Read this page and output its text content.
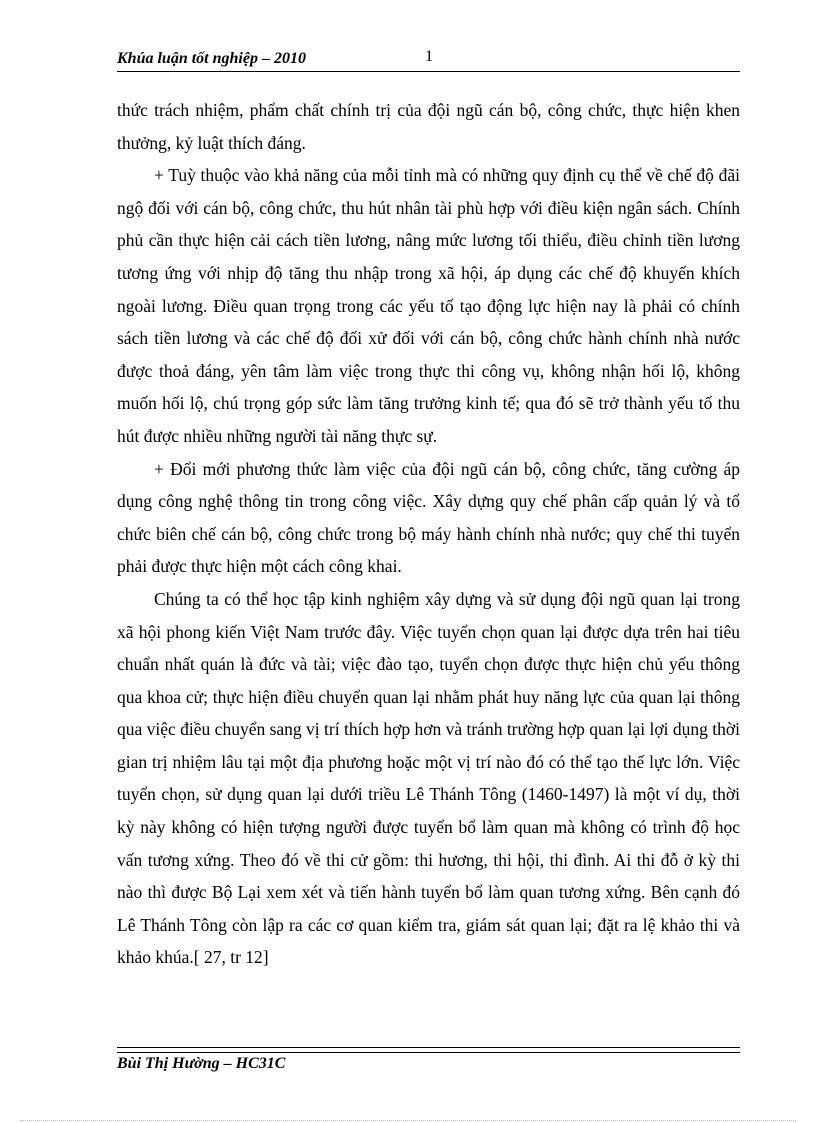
Khúa luận tốt nghiệp – 2010	1

thức trách nhiệm, phẩm chất chính trị của đội ngũ cán bộ, công chức, thực hiện khen thưởng, kỷ luật thích đáng.

+ Tuỳ thuộc vào khả năng của mỗi tỉnh mà có những quy định cụ thể về chế độ đãi ngộ đối với cán bộ, công chức, thu hút nhân tài phù hợp với điều kiện ngân sách. Chính phủ cần thực hiện cải cách tiền lương, nâng mức lương tối thiểu, điều chỉnh tiền lương tương ứng với nhịp độ tăng thu nhập trong xã hội, áp dụng các chế độ khuyến khích ngoài lương. Điều quan trọng trong các yếu tố tạo động lực hiện nay là phải có chính sách tiền lương và các chế độ đối xử đối với cán bộ, công chức hành chính nhà nước được thoả đáng, yên tâm làm việc trong thực thi công vụ, không nhận hối lộ, không muốn hối lộ, chú trọng góp sức làm tăng trưởng kinh tế; qua đó sẽ trở thành yếu tố thu hút được nhiều những người tài năng thực sự.

+ Đổi mới phương thức làm việc của đội ngũ cán bộ, công chức, tăng cường áp dụng công nghệ thông tin trong công việc. Xây dựng quy chế phân cấp quản lý và tổ chức biên chế cán bộ, công chức trong bộ máy hành chính nhà nước; quy chế thi tuyển phải được thực hiện một cách công khai.

Chúng ta có thể học tập kinh nghiệm xây dựng và sử dụng đội ngũ quan lại trong xã hội phong kiến Việt Nam trước đây. Việc tuyển chọn quan lại được dựa trên hai tiêu chuẩn nhất quán là đức và tài; việc đào tạo, tuyển chọn được thực hiện chủ yếu thông qua khoa cử; thực hiện điều chuyển quan lại nhằm phát huy năng lực của quan lại thông qua việc điều chuyển sang vị trí thích hợp hơn và tránh trường hợp quan lại lợi dụng thời gian trị nhiệm lâu tại một địa phương hoặc một vị trí nào đó có thể tạo thế lực lớn. Việc tuyển chọn, sử dụng quan lại dưới triều Lê Thánh Tông (1460-1497) là một ví dụ, thời kỳ này không có hiện tượng người được tuyển bổ làm quan mà không có trình độ học vấn tương xứng. Theo đó về thi cử gồm: thi hương, thi hội, thi đình. Ai thi đỗ ở kỳ thi nào thì được Bộ Lại xem xét và tiến hành tuyển bổ làm quan tương xứng. Bên cạnh đó Lê Thánh Tông còn lập ra các cơ quan kiểm tra, giám sát quan lại; đặt ra lệ khảo thi và khảo khúa.[ 27, tr 12]

Bùi Thị Hường – HC31C
